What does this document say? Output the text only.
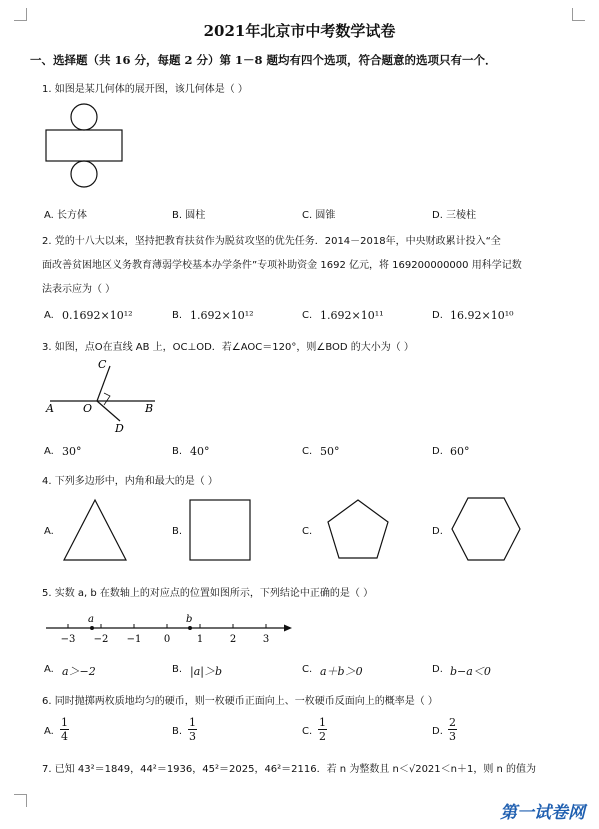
2021年北京市中考数学试卷
一、选择题（共 16 分，每题 2 分）第 1－8 题均有四个选项，符合题意的选项只有一个．
1. 如图是某几何体的展开图，该几何体是（ ）
A. 长方体	B. 圆柱	C. 圆锥	D. 三棱柱
2. 党的十八大以来，坚持把教育扶贫作为脱贫攻坚的优先任务．2014－2018年，中央财政累计投入“全
面改善贫困地区义务教育薄弱学校基本办学条件”专项补助资金 1692 亿元，将 169200000000 用科学记数
法表示应为（ ）
A. 0.1692×10¹²	B. 1.692×10¹²	C. 1.692×10¹¹	D. 16.92×10¹⁰
3. 如图，点O在直线 AB 上，OC⊥OD．若∠AOC＝120°，则∠BOD 的大小为（ ）
A	B
O
C
D
A. 30°	B. 40°	C. 50°	D. 60°
4. 下列多边形中，内角和最大的是（ ）
A.	B.	C.	D.
5. 实数 a, b 在数轴上的对应点的位置如图所示，下列结论中正确的是（ ）
−3 −2 −1 0	1	2	3
a	b
A. a＞−2	B. |a|＞b	C. a＋b＞0	D. b−a＜0
6. 同时抛掷两枚质地均匀的硬币，则一枚硬币正面向上、一枚硬币反面向上的概率是（ ）
A. $\frac{1}{4}$	B. $\frac{1}{3}$	C. $\frac{1}{2}$	D. $\frac{2}{3}$
7. 已知 43²＝1849，44²＝1936，45²＝2025，46²＝2116．若 n 为整数且 n＜√2021＜n＋1，则 n 的值为
第一试卷网
